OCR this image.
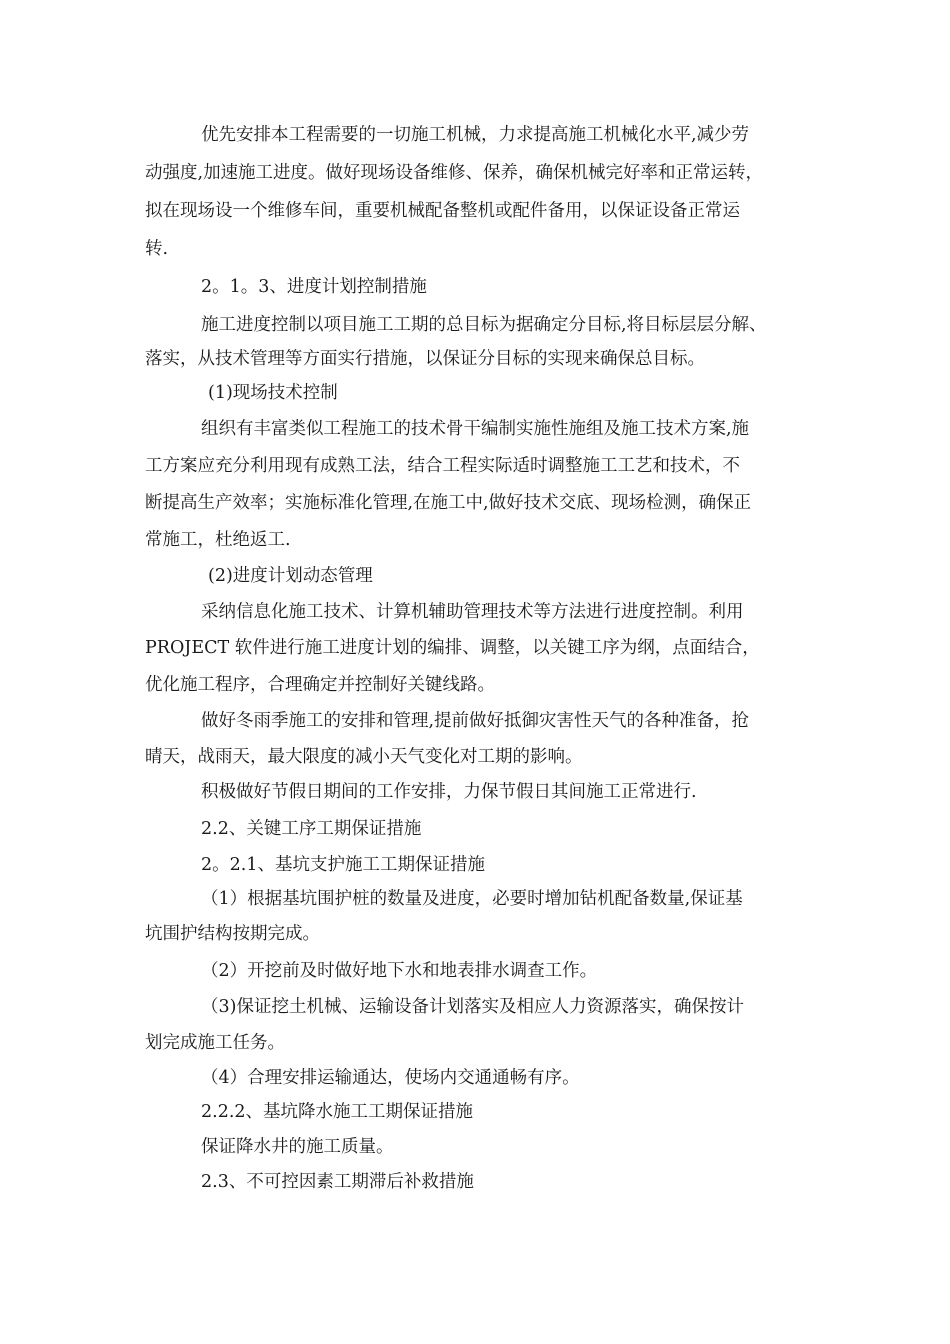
优先安排本工程需要的一切施工机械，力求提高施工机械化水平,减少劳
动强度,加速施工进度。做好现场设备维修、保养，确保机械完好率和正常运转，
拟在现场设一个维修车间，重要机械配备整机或配件备用，以保证设备正常运
转.
2。1。3、进度计划控制措施
施工进度控制以项目施工工期的总目标为据确定分目标,将目标层层分解、
落实，从技术管理等方面实行措施，以保证分目标的实现来确保总目标。
(1)现场技术控制
组织有丰富类似工程施工的技术骨干编制实施性施组及施工技术方案,施
工方案应充分利用现有成熟工法，结合工程实际适时调整施工工艺和技术，不
断提高生产效率；实施标准化管理,在施工中,做好技术交底、现场检测，确保正
常施工，杜绝返工.
(2)进度计划动态管理
采纳信息化施工技术、计算机辅助管理技术等方法进行进度控制。利用
PROJECT 软件进行施工进度计划的编排、调整，以关键工序为纲，点面结合，
优化施工程序，合理确定并控制好关键线路。
做好冬雨季施工的安排和管理,提前做好抵御灾害性天气的各种准备，抢
晴天，战雨天，最大限度的减小天气变化对工期的影响。
积极做好节假日期间的工作安排，力保节假日其间施工正常进行.
2.2、关键工序工期保证措施
2。2.1、基坑支护施工工期保证措施
（1）根据基坑围护桩的数量及进度，必要时增加钻机配备数量,保证基
坑围护结构按期完成。
（2）开挖前及时做好地下水和地表排水调查工作。
（3)保证挖土机械、运输设备计划落实及相应人力资源落实，确保按计
划完成施工任务。
（4）合理安排运输通达，使场内交通通畅有序。
2.2.2、基坑降水施工工期保证措施
保证降水井的施工质量。
2.3、不可控因素工期滞后补救措施
